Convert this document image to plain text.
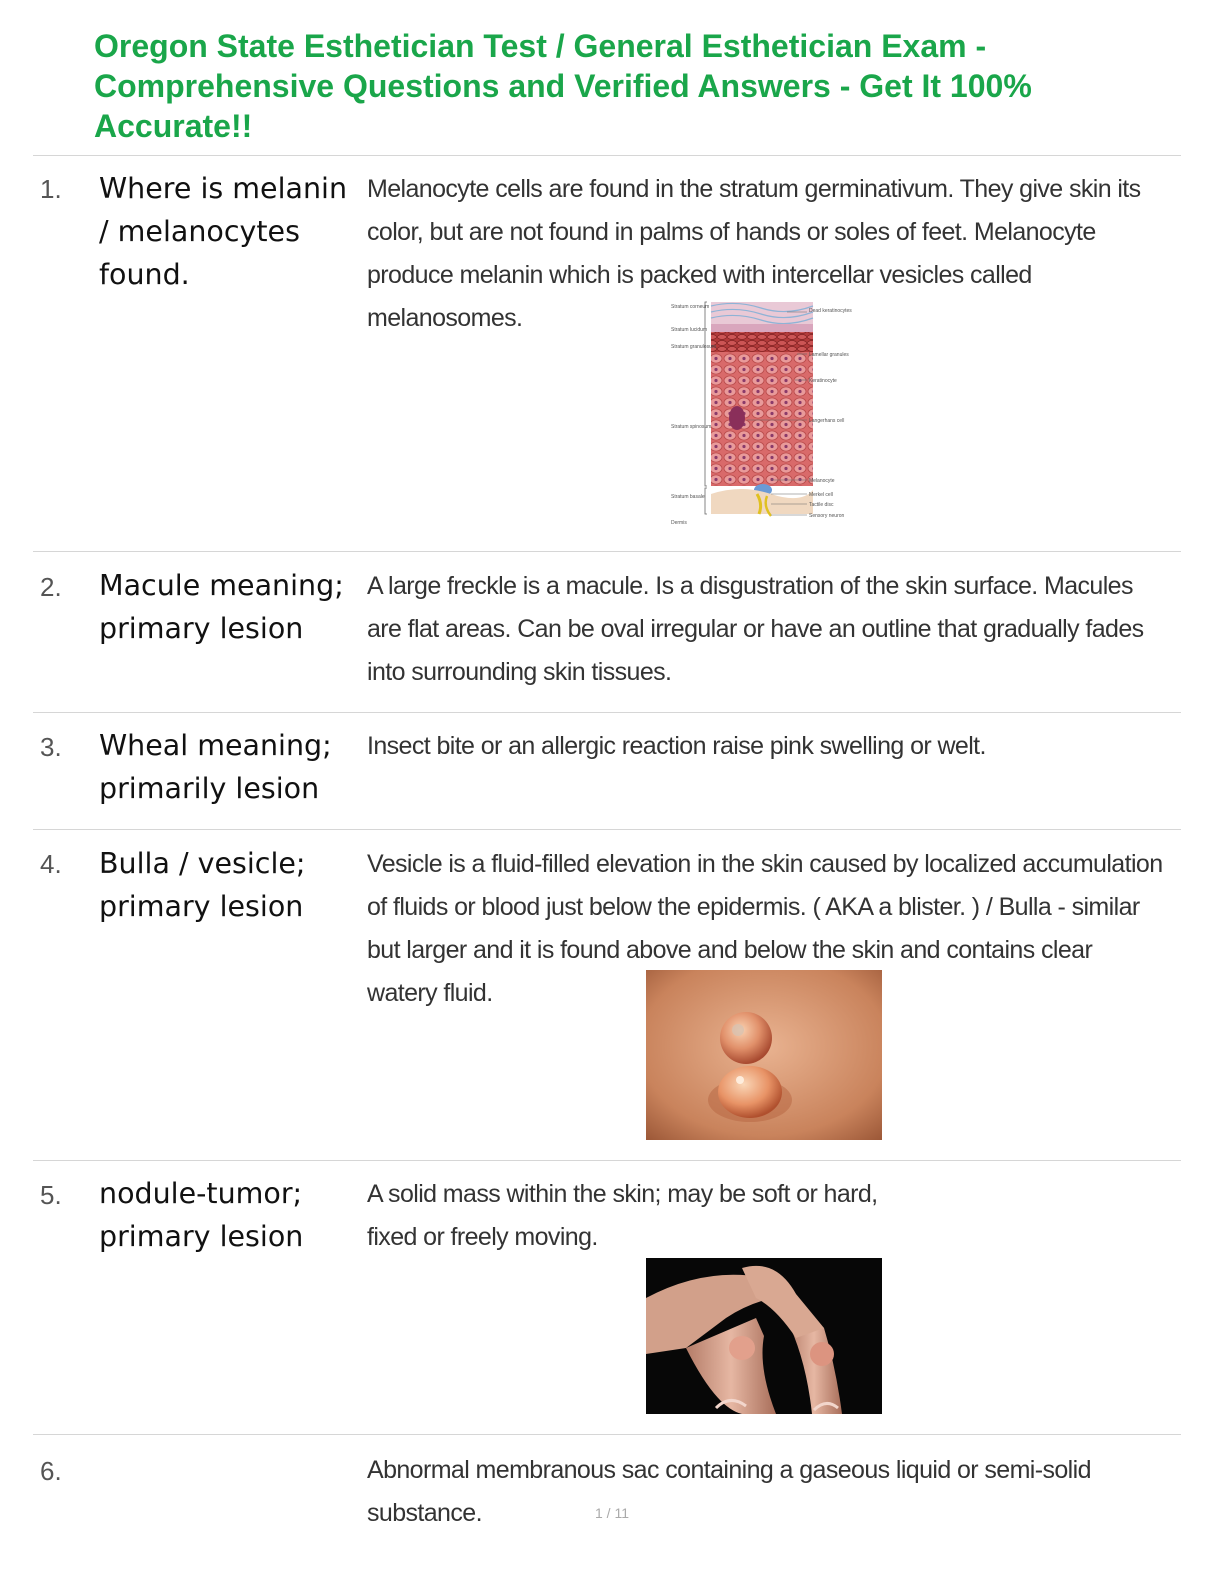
Oregon State Esthetician Test / General Esthetician Exam - Comprehensive Questions and Verified Answers - Get It 100% Accurate!!
1. Where is melanin / melanocytes found.
Melanocyte cells are found in the stratum germinativum. They give skin its color, but are not found in palms of hands or soles of feet. Melanocyte produce melanin which is packed with intercellar vesicles called melanosomes.	Stratum corneum
Stratum lucidum
Stratum granulosum
Stratum spinosum
Stratum basale
Dermis
Dead keratinocytes
Lamellar granules
Keratinocyte
Langerhans cell
Melanocyte
Merkel cell
Tactile disc
Sensory neuron
2. Macule meaning; primary lesion
A large freckle is a macule. Is a disgustration of the skin surface. Macules are flat areas. Can be oval irregular or have an outline that gradually fades into surrounding skin tissues.
3. Wheal meaning; primarily lesion
Insect bite or an allergic reaction raise pink swelling or welt.
4. Bulla / vesicle; primary lesion
Vesicle is a fluid-filled elevation in the skin caused by localized accumulation of fluids or blood just below the epidermis. ( AKA a blister. ) / Bulla - similar but larger and it is found above and below the skin and contains clear watery fluid.
5. nodule-tumor; primary lesion
A solid mass within the skin; may be soft or hard, fixed or freely moving.
6.	Abnormal membranous sac containing a gaseous liquid or semi-solid substance.	1 / 11
